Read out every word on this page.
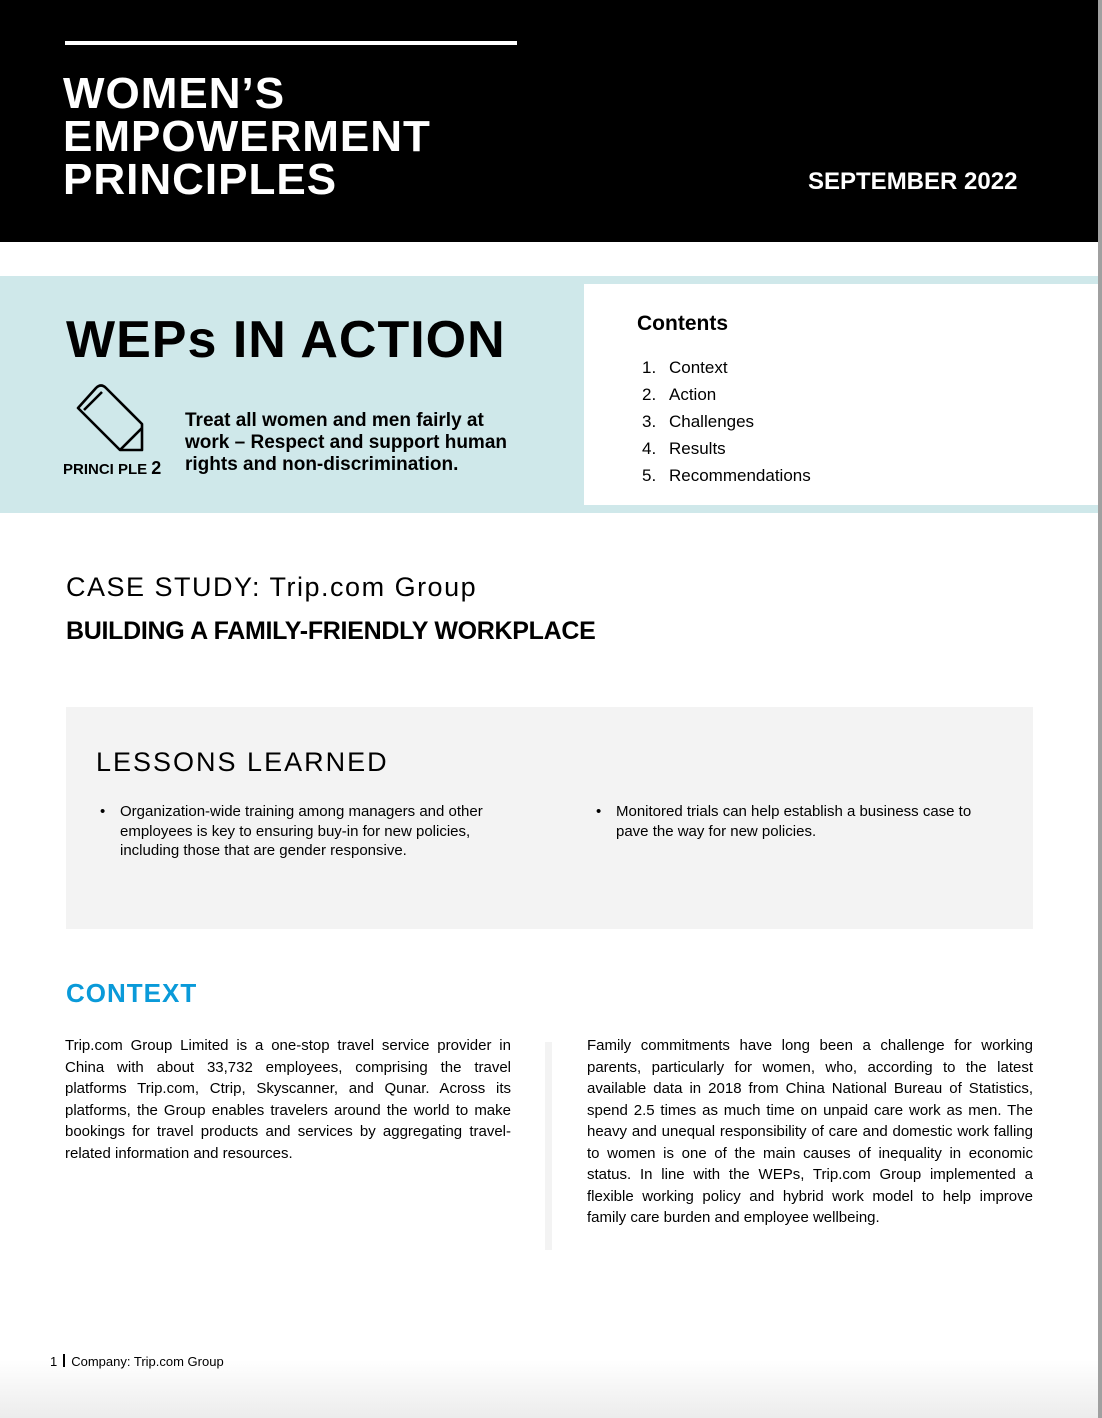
WOMEN’S
EMPOWERMENT
PRINCIPLES	SEPTEMBER 2022
WEPs IN ACTION
PRINCI PLE 2
Treat all women and men fairly at work – Respect and support human rights and non-discrimination.
Contents
1. Context
2. Action
3. Challenges
4. Results
5. Recommendations
CASE STUDY: Trip.com Group
BUILDING A FAMILY-FRIENDLY WORKPLACE
LESSONS LEARNED
• Organization-wide training among managers and other employees is key to ensuring buy-in for new policies, including those that are gender responsive.
• Monitored trials can help establish a business case to pave the way for new policies.
CONTEXT
Trip.com Group Limited is a one-stop travel service provider in China with about 33,732 employees, comprising the travel platforms Trip.com, Ctrip, Skyscanner, and Qunar. Across its platforms, the Group enables travelers around the world to make bookings for travel products and services by aggregating travel-related information and resources.
Family commitments have long been a challenge for working parents, particularly for women, who, according to the latest available data in 2018 from China National Bureau of Statistics, spend 2.5 times as much time on unpaid care work as men. The heavy and unequal responsibility of care and domestic work falling to women is one of the main causes of inequality in economic status. In line with the WEPs, Trip.com Group implemented a flexible working policy and hybrid work model to help improve family care burden and employee wellbeing.
1 Company: Trip.com Group
